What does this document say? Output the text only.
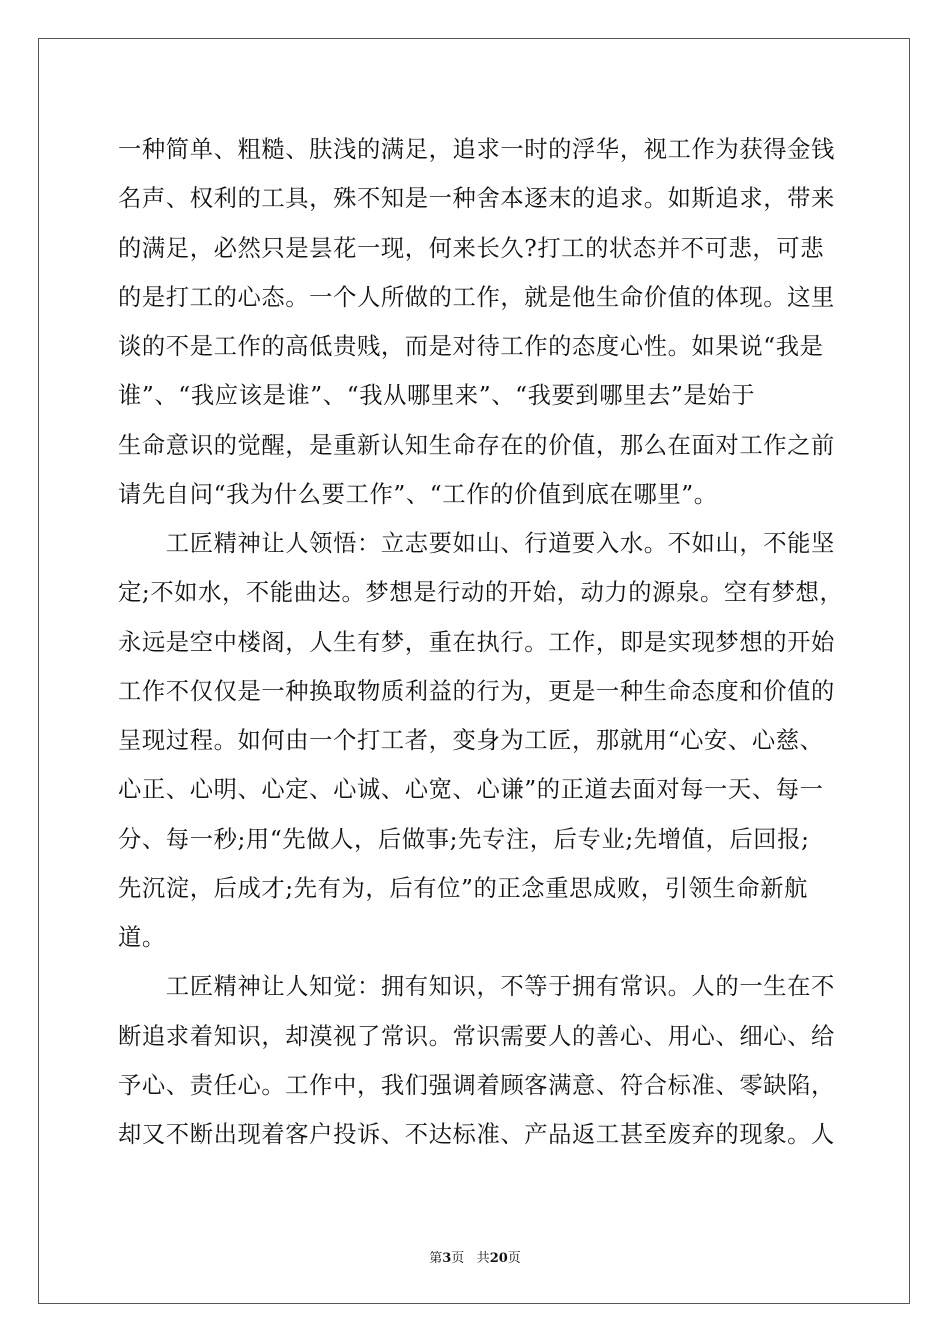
一种简单、粗糙、肤浅的满足，追求一时的浮华，视工作为获得金钱
名声、权利的工具，殊不知是一种舍本逐末的追求。如斯追求，带来
的满足，必然只是昙花一现，何来长久?打工的状态并不可悲，可悲
的是打工的心态。一个人所做的工作，就是他生命价值的体现。这里
谈的不是工作的高低贵贱，而是对待工作的态度心性。如果说“我是
谁”、“我应该是谁”、“我从哪里来”、“我要到哪里去”是始于
生命意识的觉醒，是重新认知生命存在的价值，那么在面对工作之前
请先自问“我为什么要工作”、“工作的价值到底在哪里”。
　　工匠精神让人领悟：立志要如山、行道要入水。不如山，不能坚
定;不如水，不能曲达。梦想是行动的开始，动力的源泉。空有梦想，
永远是空中楼阁，人生有梦，重在执行。工作，即是实现梦想的开始
工作不仅仅是一种换取物质利益的行为，更是一种生命态度和价值的
呈现过程。如何由一个打工者，变身为工匠，那就用“心安、心慈、
心正、心明、心定、心诚、心宽、心谦”的正道去面对每一天、每一
分、每一秒;用“先做人，后做事;先专注，后专业;先增值，后回报;
先沉淀，后成才;先有为，后有位”的正念重思成败，引领生命新航
道。
　　工匠精神让人知觉：拥有知识，不等于拥有常识。人的一生在不
断追求着知识，却漠视了常识。常识需要人的善心、用心、细心、给
予心、责任心。工作中，我们强调着顾客满意、符合标准、零缺陷，
却又不断出现着客户投诉、不达标准、产品返工甚至废弃的现象。人
第3页 共20页
